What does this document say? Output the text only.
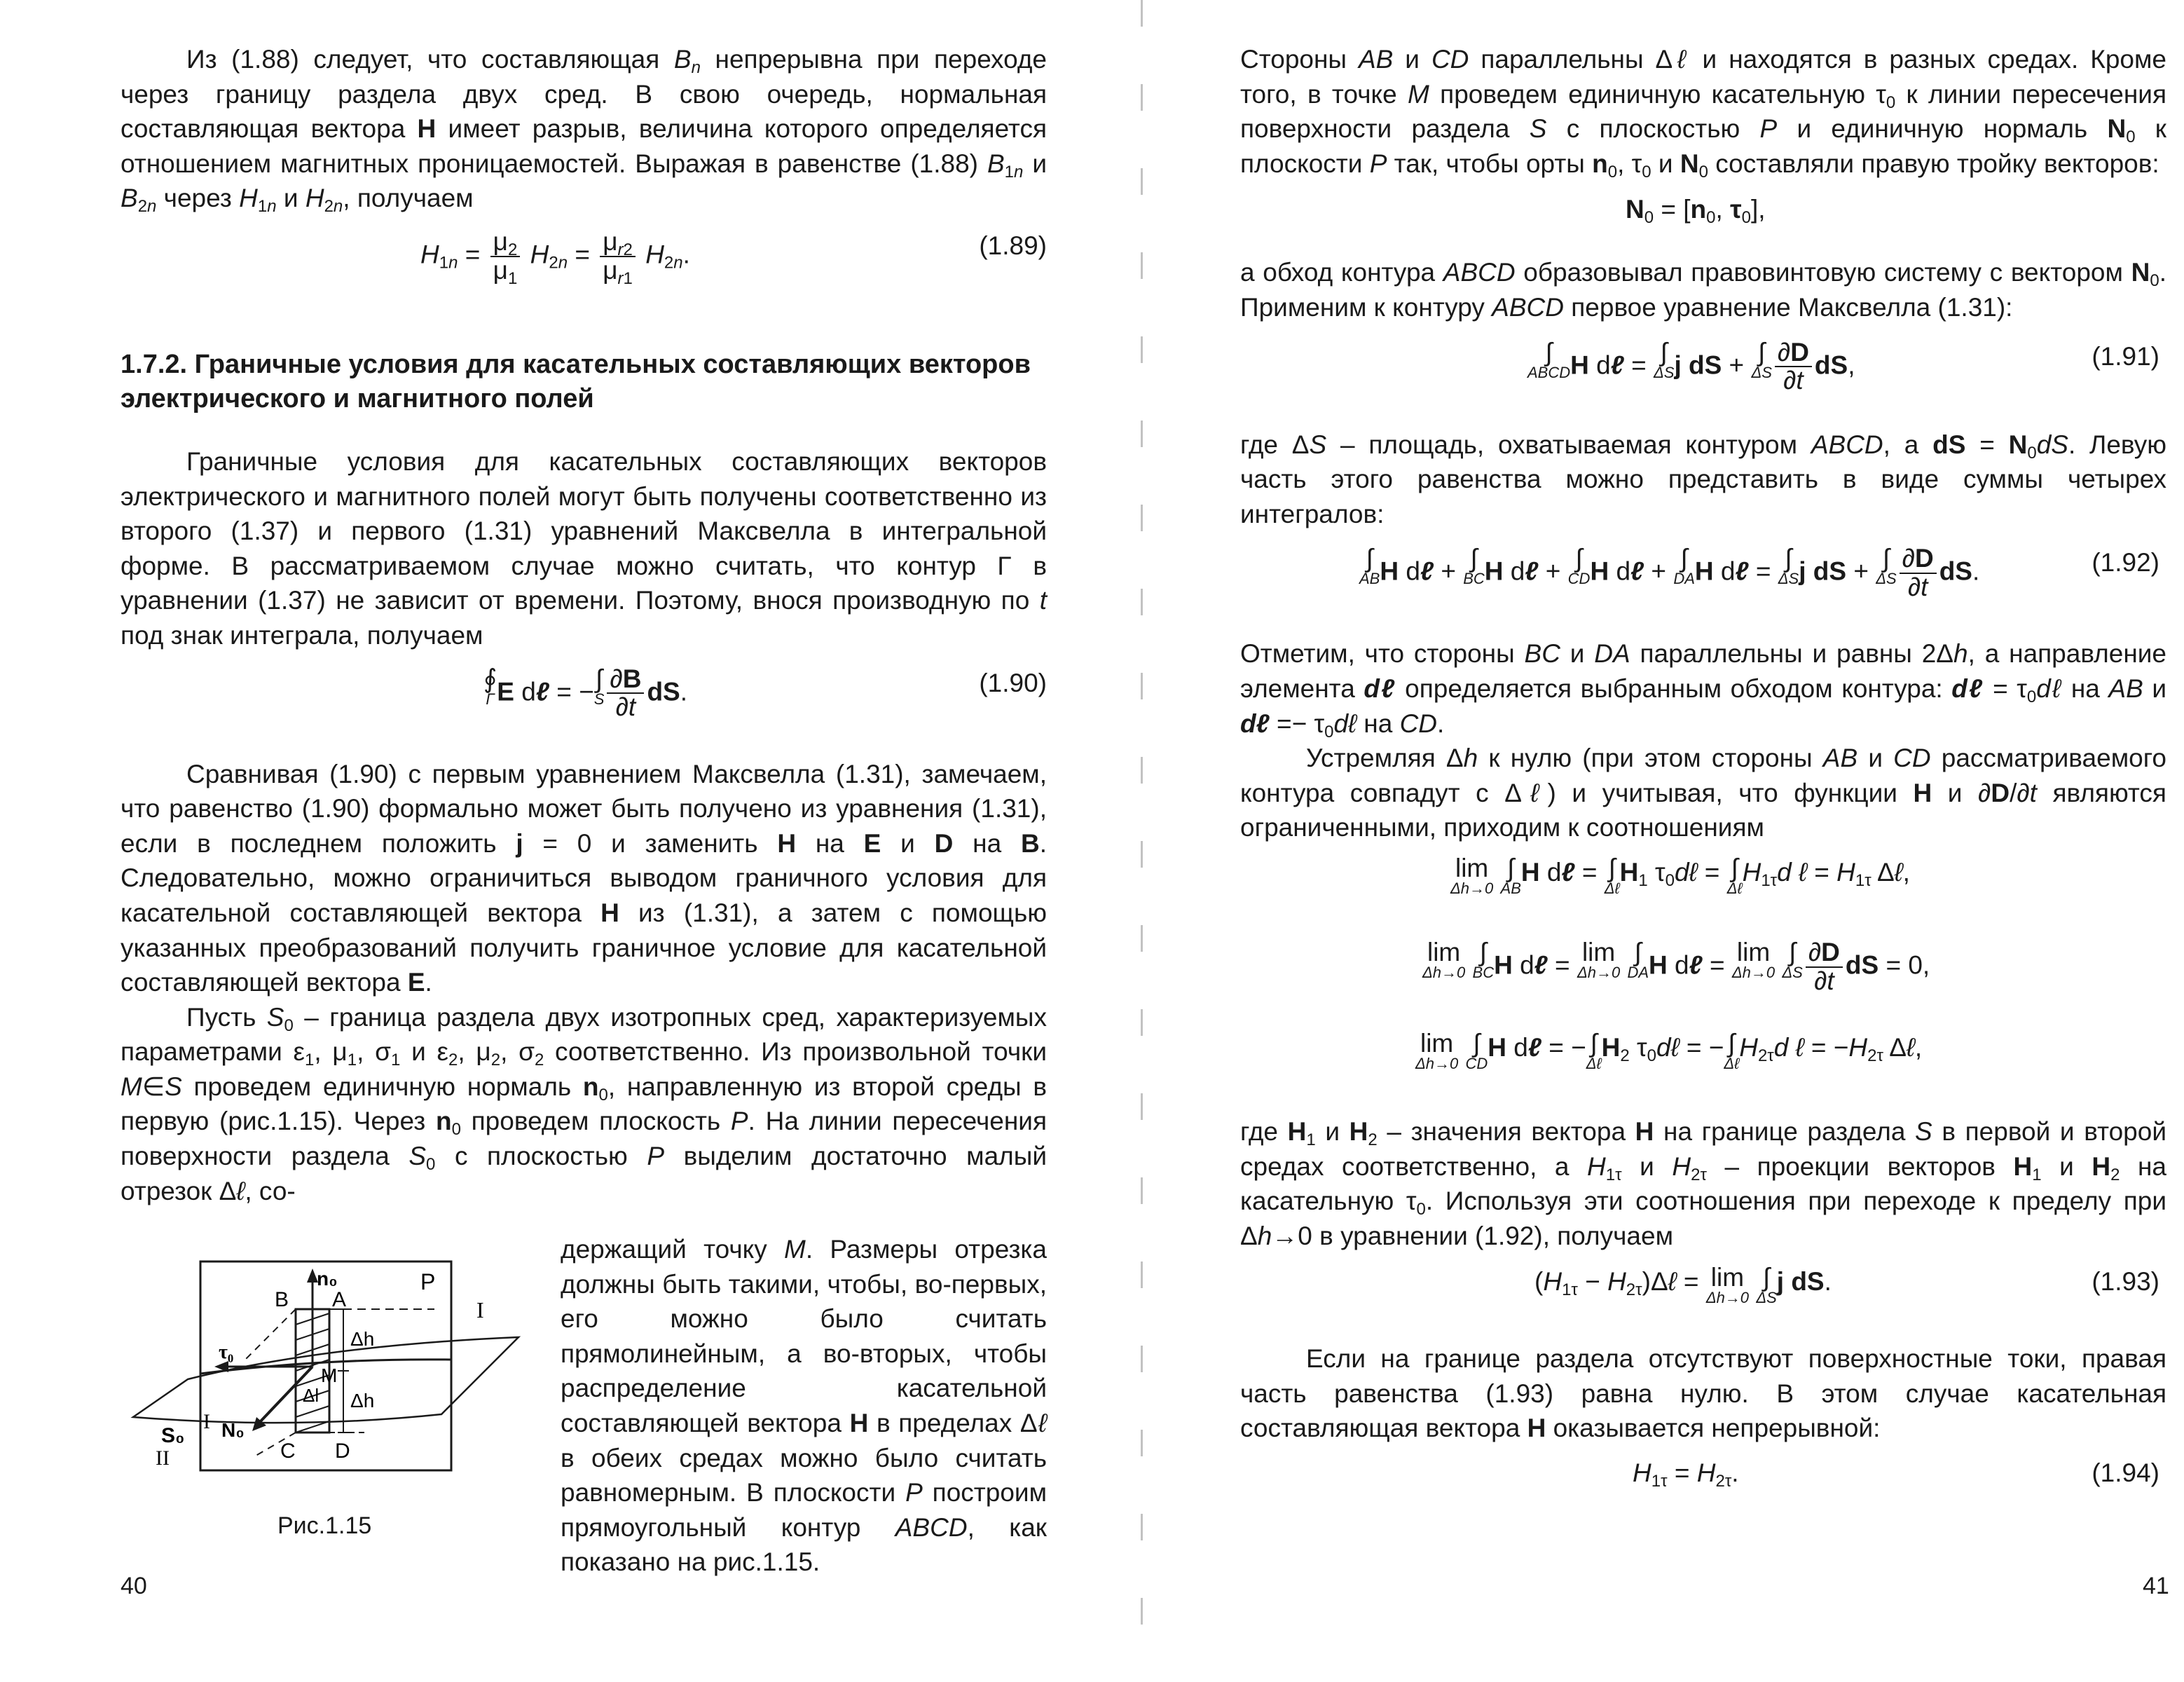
Из (1.88) следует, что составляющая $B_n$ непрерывна при переходе через границу раздела двух сред. В свою очередь, нормальная составляющая вектора H имеет разрыв, величина которого определяется отношением магнитных проницаемостей. Выражая в равенстве (1.88) $B_{1n}$ и $B_{2n}$ через $H_{1n}$ и $H_{2n}$, получаем

$H_{1n} = \frac{\mu_2}{\mu_1} H_{2n} = \frac{\mu_{r2}}{\mu_{r1}} H_{2n}$.	(1.89)

1.7.2. Граничные условия для касательных составляющих векторов электрического и магнитного полей

Граничные условия для касательных составляющих векторов электрического и магнитного полей могут быть получены соответственно из второго (1.37) и первого (1.31) уравнений Максвелла в интегральной форме. В рассматриваемом случае можно считать, что контур Γ в уравнении (1.37) не зависит от времени. Поэтому, внося производную по t под знак интеграла, получаем

∮
Γ E dℓ = −∫
S $\frac{\partial B}{\partial t}$ dS.	(1.90)

Сравнивая (1.90) с первым уравнением Максвелла (1.31), замечаем, что равенство (1.90) формально может быть получено из уравнения (1.31), если в последнем положить j = 0 и заменить H на E и D на B. Следовательно, можно ограничиться выводом граничного условия для касательной составляющей вектора H из (1.31), а затем с помощью указанных преобразований получить граничное условие для касательной составляющей вектора E.

Пусть $S_0$ – граница раздела двух изотропных сред, характеризуемых параметрами $\varepsilon_1$, $\mu_1$, $\sigma_1$ и $\varepsilon_2$, $\mu_2$, $\sigma_2$ соответственно. Из произвольной точки M∈S проведем единичную нормаль $n_0$, направленную из второй среды в первую (рис.1.15). Через $n_0$ проведем плоскость P. На линии пересечения поверхности раздела $S_0$ с плоскостью P выделим достаточно малый отрезок Δℓ, со-

держащий точку M. Размеры отрезка должны быть такими, чтобы, во-первых, его можно было считать прямолинейным, а во-вторых, чтобы распределение касательной составляющей вектора H в пределах Δℓ в обеих средах можно было считать равномерным. В плоскости P построим прямоугольный контур ABCD, как показано на рис.1.15.

P
I
I
II
n₀
τ₀
N₀
S₀
A
B
C D
M
Δl
Δh
Δh
Рис.1.15
40

Стороны AB и CD параллельны Δℓ и находятся в разных средах. Кроме того, в точке M проведем единичную касательную $\tau_0$ к линии пересечения поверхности раздела S с плоскостью P и единичную нормаль $N_0$ к плоскости P так, чтобы орты $n_0$, $\tau_0$ и $N_0$ составляли правую тройку векторов:

$N_0 = [n_0$, $\tau_0$],

а обход контура ABCD образовывал правовинтовую систему с вектором $N_0$. Применим к контуру ABCD первое уравнение Максвелла (1.31):

∫
ABCD H dℓ = ∫
ΔS j dS + ∫
ΔS $\frac{\partial D}{\partial t}$ dS,	(1.91)

где ΔS – площадь, охватываемая контуром ABCD, а dS = $N_0dS$. Левую часть этого равенства можно представить в виде суммы четырех интегралов:

∫
AB H dℓ + ∫
BC H dℓ + ∫
CD H dℓ + ∫
DA H dℓ = ∫
ΔS j dS + ∫
ΔS $\frac{\partial D}{\partial t}$ dS.	(1.92)

Отметим, что стороны BC и DA параллельны и равны 2Δh, а направление элемента dℓ определяется выбранным обходом контура: dℓ = $\tau_0d\ell$ на AB и dℓ =− $\tau_0d\ell$ на CD.

Устремляя Δh к нулю (при этом стороны AB и CD рассматриваемого контура совпадут с Δℓ) и учитывая, что функции H и ∂D/∂t являются ограниченными, приходим к соотношениям

lim
Δh→0
∫
AB
H dℓ = ∫
Δℓ
$H_1$ $\tau_0d\ell$ = ∫
Δℓ
$H_{1\tau}d$ ℓ = $H_{1\tau}$ Δℓ,
lim
Δh→0
∫
BC H dℓ = lim
Δh→0
∫
DA H dℓ = lim
Δh→0
∫
ΔS $\frac{\partial D}{\partial t}$ dS = 0,
lim
Δh→0
∫
CD
H dℓ = − ∫
Δℓ
$H_2$ $\tau_0d\ell$ = − ∫
Δℓ
$H_{2\tau}d$ ℓ = $-H_{2\tau}$ Δℓ,

где $H_1$ и $H_2$ – значения вектора H на границе раздела S в первой и второй средах соответственно, а $H_{1\tau}$ и $H_{2\tau}$ – проекции векторов $H_1$ и $H_2$ на касательную $\tau_0$. Используя эти соотношения при переходе к пределу при Δh→0 в уравнении (1.92), получаем

($H_{1\tau}$ − $H_{2\tau})\Delta\ell = \lim$
Δh→0
∫
ΔS
j dS.	(1.93)

Если на границе раздела отсутствуют поверхностные токи, правая часть равенства (1.93) равна нулю. В этом случае касательная составляющая вектора H оказывается непрерывной:

$H_{1\tau} = H_{2\tau}$.	(1.94)
41
